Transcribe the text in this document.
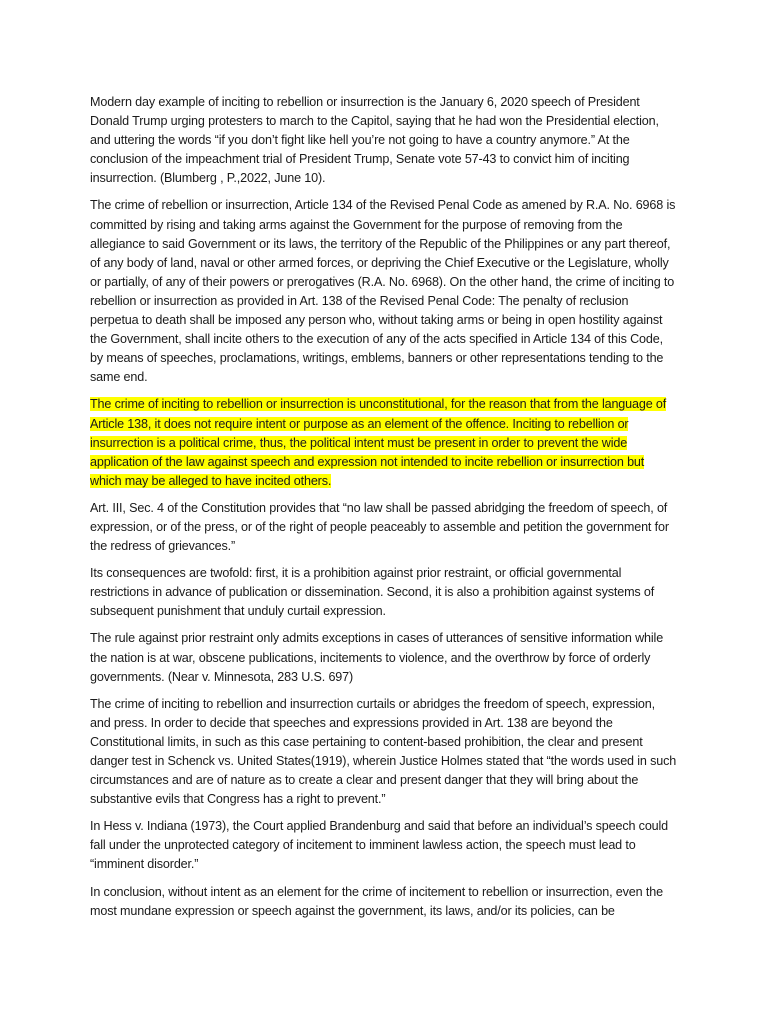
Modern day example of inciting to rebellion or insurrection is the January 6, 2020 speech of President Donald Trump urging protesters to march to the Capitol, saying that he had won the Presidential election, and uttering the words “if you don’t fight like hell you’re not going to have a country anymore.” At the conclusion of the impeachment trial of President Trump, Senate vote 57-43 to convict him of inciting insurrection. (Blumberg , P.,2022, June 10).

The crime of rebellion or insurrection, Article 134 of the Revised Penal Code as amened by R.A. No. 6968 is committed by rising and taking arms against the Government for the purpose of removing from the allegiance to said Government or its laws, the territory of the Republic of the Philippines or any part thereof, of any body of land, naval or other armed forces, or depriving the Chief Executive or the Legislature, wholly or partially, of any of their powers or prerogatives (R.A. No. 6968). On the other hand, the crime of inciting to rebellion or insurrection as provided in Art. 138 of the Revised Penal Code: The penalty of reclusion perpetua to death shall be imposed any person who, without taking arms or being in open hostility against the Government, shall incite others to the execution of any of the acts specified in Article 134 of this Code, by means of speeches, proclamations, writings, emblems, banners or other representations tending to the same end.

The crime of inciting to rebellion or insurrection is unconstitutional, for the reason that from the language of Article 138, it does not require intent or purpose as an element of the offence. Inciting to rebellion or insurrection is a political crime, thus, the political intent must be present in order to prevent the wide application of the law against speech and expression not intended to incite rebellion or insurrection but which may be alleged to have incited others.

Art. III, Sec. 4 of the Constitution provides that “no law shall be passed abridging the freedom of speech, of expression, or of the press, or of the right of people peaceably to assemble and petition the government for the redress of grievances.”

Its consequences are twofold: first, it is a prohibition against prior restraint, or official governmental restrictions in advance of publication or dissemination. Second, it is also a prohibition against systems of subsequent punishment that unduly curtail expression.

The rule against prior restraint only admits exceptions in cases of utterances of sensitive information while the nation is at war, obscene publications, incitements to violence, and the overthrow by force of orderly governments. (Near v. Minnesota, 283 U.S. 697)

The crime of inciting to rebellion and insurrection curtails or abridges the freedom of speech, expression, and press. In order to decide that speeches and expressions provided in Art. 138 are beyond the Constitutional limits, in such as this case pertaining to content-based prohibition, the clear and present danger test in Schenck vs. United States(1919), wherein Justice Holmes stated that “the words used in such circumstances and are of nature as to create a clear and present danger that they will bring about the substantive evils that Congress has a right to prevent.”

In Hess v. Indiana (1973), the Court applied Brandenburg and said that before an individual’s speech could fall under the unprotected category of incitement to imminent lawless action, the speech must lead to “imminent disorder.”

In conclusion, without intent as an element for the crime of incitement to rebellion or insurrection, even the most mundane expression or speech against the government, its laws, and/or its policies, can be
